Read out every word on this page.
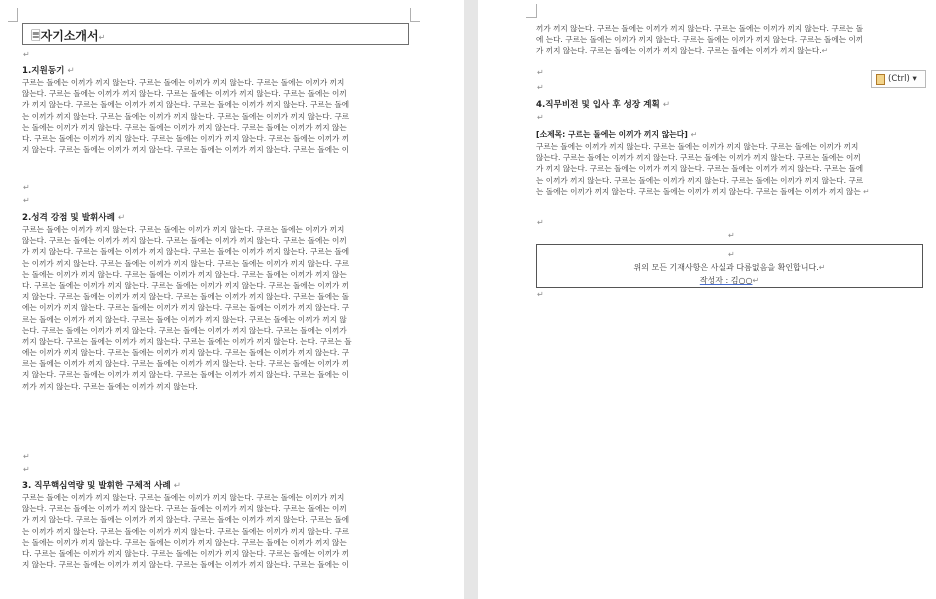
🗏자기소개서↵
↵
1.지원동기 ↵
구르는 돌에는 이끼가 끼지 않는다. 구르는 돌에는 이끼가 끼지 않는다. 구르는 돌에는 이끼가 끼지
않는다. 구르는 돌에는 이끼가 끼지 않는다. 구르는 돌에는 이끼가 끼지 않는다. 구르는 돌에는 이끼
가 끼지 않는다. 구르는 돌에는 이끼가 끼지 않는다. 구르는 돌에는 이끼가 끼지 않는다. 구르는 돌에
는 이끼가 끼지 않는다. 구르는 돌에는 이끼가 끼지 않는다. 구르는 돌에는 이끼가 끼지 않는다. 구르
는 돌에는 이끼가 끼지 않는다. 구르는 돌에는 이끼가 끼지 않는다. 구르는 돌에는 이끼가 끼지 않는
다. 구르는 돌에는 이끼가 끼지 않는다. 구르는 돌에는 이끼가 끼지 않는다. 구르는 돌에는 이끼가 끼
지 않는다. 구르는 돌에는 이끼가 끼지 않는다. 구르는 돌에는 이끼가 끼지 않는다. 구르는 돌에는 이
↵
↵
2.성격 강점 및 발휘사례 ↵
구르는 돌에는 이끼가 끼지 않는다. 구르는 돌에는 이끼가 끼지 않는다. 구르는 돌에는 이끼가 끼지
않는다. 구르는 돌에는 이끼가 끼지 않는다. 구르는 돌에는 이끼가 끼지 않는다. 구르는 돌에는 이끼
가 끼지 않는다. 구르는 돌에는 이끼가 끼지 않는다. 구르는 돌에는 이끼가 끼지 않는다. 구르는 돌에
는 이끼가 끼지 않는다. 구르는 돌에는 이끼가 끼지 않는다. 구르는 돌에는 이끼가 끼지 않는다. 구르
는 돌에는 이끼가 끼지 않는다. 구르는 돌에는 이끼가 끼지 않는다. 구르는 돌에는 이끼가 끼지 않는
다. 구르는 돌에는 이끼가 끼지 않는다. 구르는 돌에는 이끼가 끼지 않는다. 구르는 돌에는 이끼가 끼
지 않는다. 구르는 돌에는 이끼가 끼지 않는다. 구르는 돌에는 이끼가 끼지 않는다. 구르는 돌에는 돌
에는 이끼가 끼지 않는다. 구르는 돌에는 이끼가 끼지 않는다. 구르는 돌에는 이끼가 끼지 않는다. 구
르는 돌에는 이끼가 끼지 않는다. 구르는 돌에는 이끼가 끼지 않는다. 구르는 돌에는 이끼가 끼지 않
는다. 구르는 돌에는 이끼가 끼지 않는다. 구르는 돌에는 이끼가 끼지 않는다. 구르는 돌에는 이끼가
끼지 않는다. 구르는 돌에는 이끼가 끼지 않는다. 구르는 돌에는 이끼가 끼지 않는다. 는다. 구르는 돌
에는 이끼가 끼지 않는다. 구르는 돌에는 이끼가 끼지 않는다. 구르는 돌에는 이끼가 끼지 않는다. 구
르는 돌에는 이끼가 끼지 않는다. 구르는 돌에는 이끼가 끼지 않는다. 는다. 구르는 돌에는 이끼가 끼
지 않는다. 구르는 돌에는 이끼가 끼지 않는다. 구르는 돌에는 이끼가 끼지 않는다. 구르는 돌에는 이
끼가 끼지 않는다. 구르는 돌에는 이끼가 끼지 않는다.
↵
↵
3. 직무핵심역량 및 발휘한 구체적 사례 ↵
구르는 돌에는 이끼가 끼지 않는다. 구르는 돌에는 이끼가 끼지 않는다. 구르는 돌에는 이끼가 끼지
않는다. 구르는 돌에는 이끼가 끼지 않는다. 구르는 돌에는 이끼가 끼지 않는다. 구르는 돌에는 이끼
가 끼지 않는다. 구르는 돌에는 이끼가 끼지 않는다. 구르는 돌에는 이끼가 끼지 않는다. 구르는 돌에
는 이끼가 끼지 않는다. 구르는 돌에는 이끼가 끼지 않는다. 구르는 돌에는 이끼가 끼지 않는다. 구르
는 돌에는 이끼가 끼지 않는다. 구르는 돌에는 이끼가 끼지 않는다. 구르는 돌에는 이끼가 끼지 않는
다. 구르는 돌에는 이끼가 끼지 않는다. 구르는 돌에는 이끼가 끼지 않는다. 구르는 돌에는 이끼가 끼
지 않는다. 구르는 돌에는 이끼가 끼지 않는다. 구르는 돌에는 이끼가 끼지 않는다. 구르는 돌에는 이
끼가 끼지 않는다. 구르는 돌에는 이끼가 끼지 않는다. 구르는 돌에는 이끼가 끼지 않는다. 구르는 돌
에 는다. 구르는 돌에는 이끼가 끼지 않는다. 구르는 돌에는 이끼가 끼지 않는다. 구르는 돌에는 이끼
가 끼지 않는다. 구르는 돌에는 이끼가 끼지 않는다. 구르는 돌에는 이끼가 끼지 않는다.↵
(Ctrl) ▾
↵
↵
4.직무비전 및 입사 후 성장 계획 ↵
↵
[소제목: 구르는 돌에는 이끼가 끼지 않는다] ↵
구르는 돌에는 이끼가 끼지 않는다. 구르는 돌에는 이끼가 끼지 않는다. 구르는 돌에는 이끼가 끼지
않는다. 구르는 돌에는 이끼가 끼지 않는다. 구르는 돌에는 이끼가 끼지 않는다. 구르는 돌에는 이끼
가 끼지 않는다. 구르는 돌에는 이끼가 끼지 않는다. 구르는 돌에는 이끼가 끼지 않는다. 구르는 돌에
는 이끼가 끼지 않는다. 구르는 돌에는 이끼가 끼지 않는다. 구르는 돌에는 이끼가 끼지 않는다. 구르
는 돌에는 이끼가 끼지 않는다. 구르는 돌에는 이끼가 끼지 않는다. 구르는 돌에는 이끼가 끼지 않는 ↵
↵
↵
↵
위의 모든 기재사항은 사실과 다름없음을 확인합니다.↵
작성자 : 김○○↵
↵
